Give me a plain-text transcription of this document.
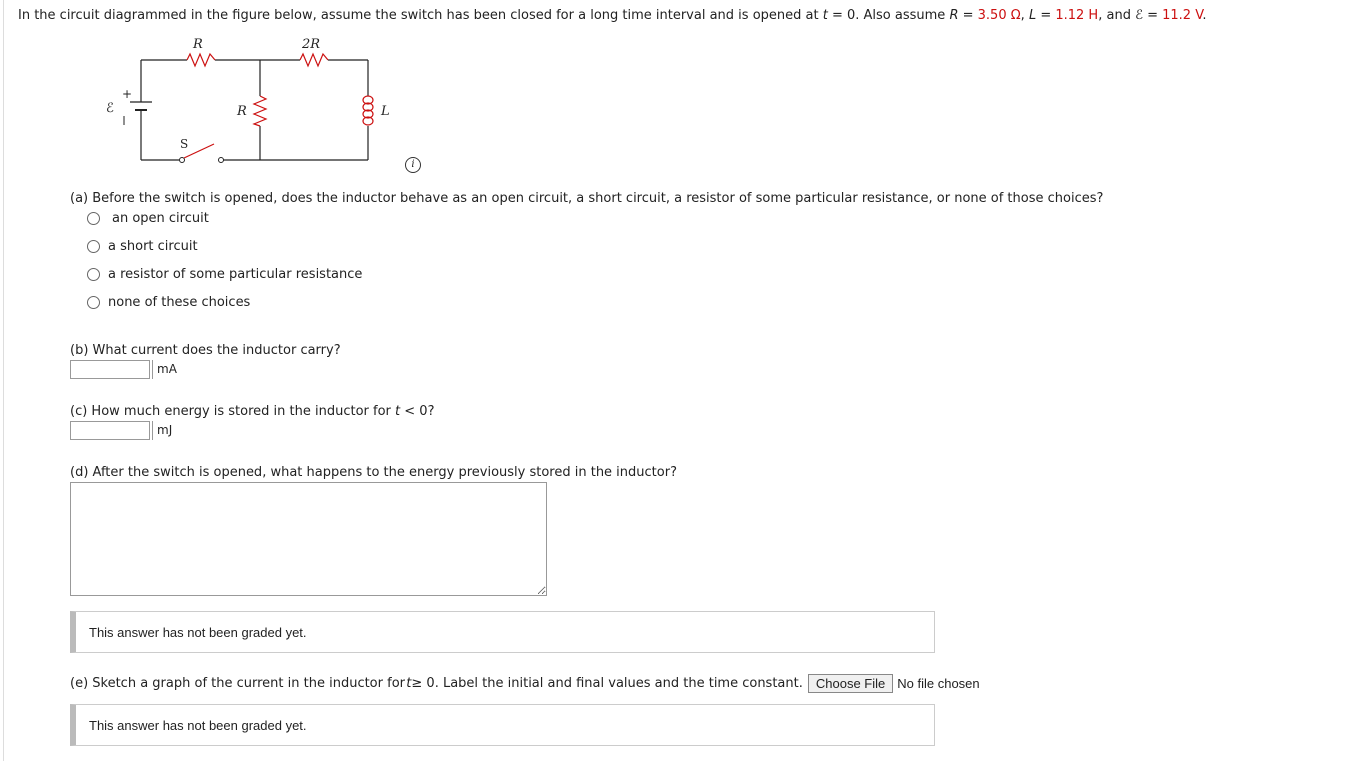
In the circuit diagrammed in the figure below, assume the switch has been closed for a long time interval and is opened at t = 0. Also assume R = 3.50 Ω, L = 1.12 H, and ℰ = 11.2 V.
R	2R
R	L
ℰ
+
S
i
(a) Before the switch is opened, does the inductor behave as an open circuit, a short circuit, a resistor of some particular resistance, or none of those choices?
an open circuit
a short circuit
a resistor of some particular resistance
none of these choices
(b) What current does the inductor carry?
mA
(c) How much energy is stored in the inductor for t < 0?
mJ
(d) After the switch is opened, what happens to the energy previously stored in the inductor?
This answer has not been graded yet.
(e) Sketch a graph of the current in the inductor for
  t ≥ 0. Label the initial and final values and the time constant.	Choose File No file chosen
This answer has not been graded yet.
